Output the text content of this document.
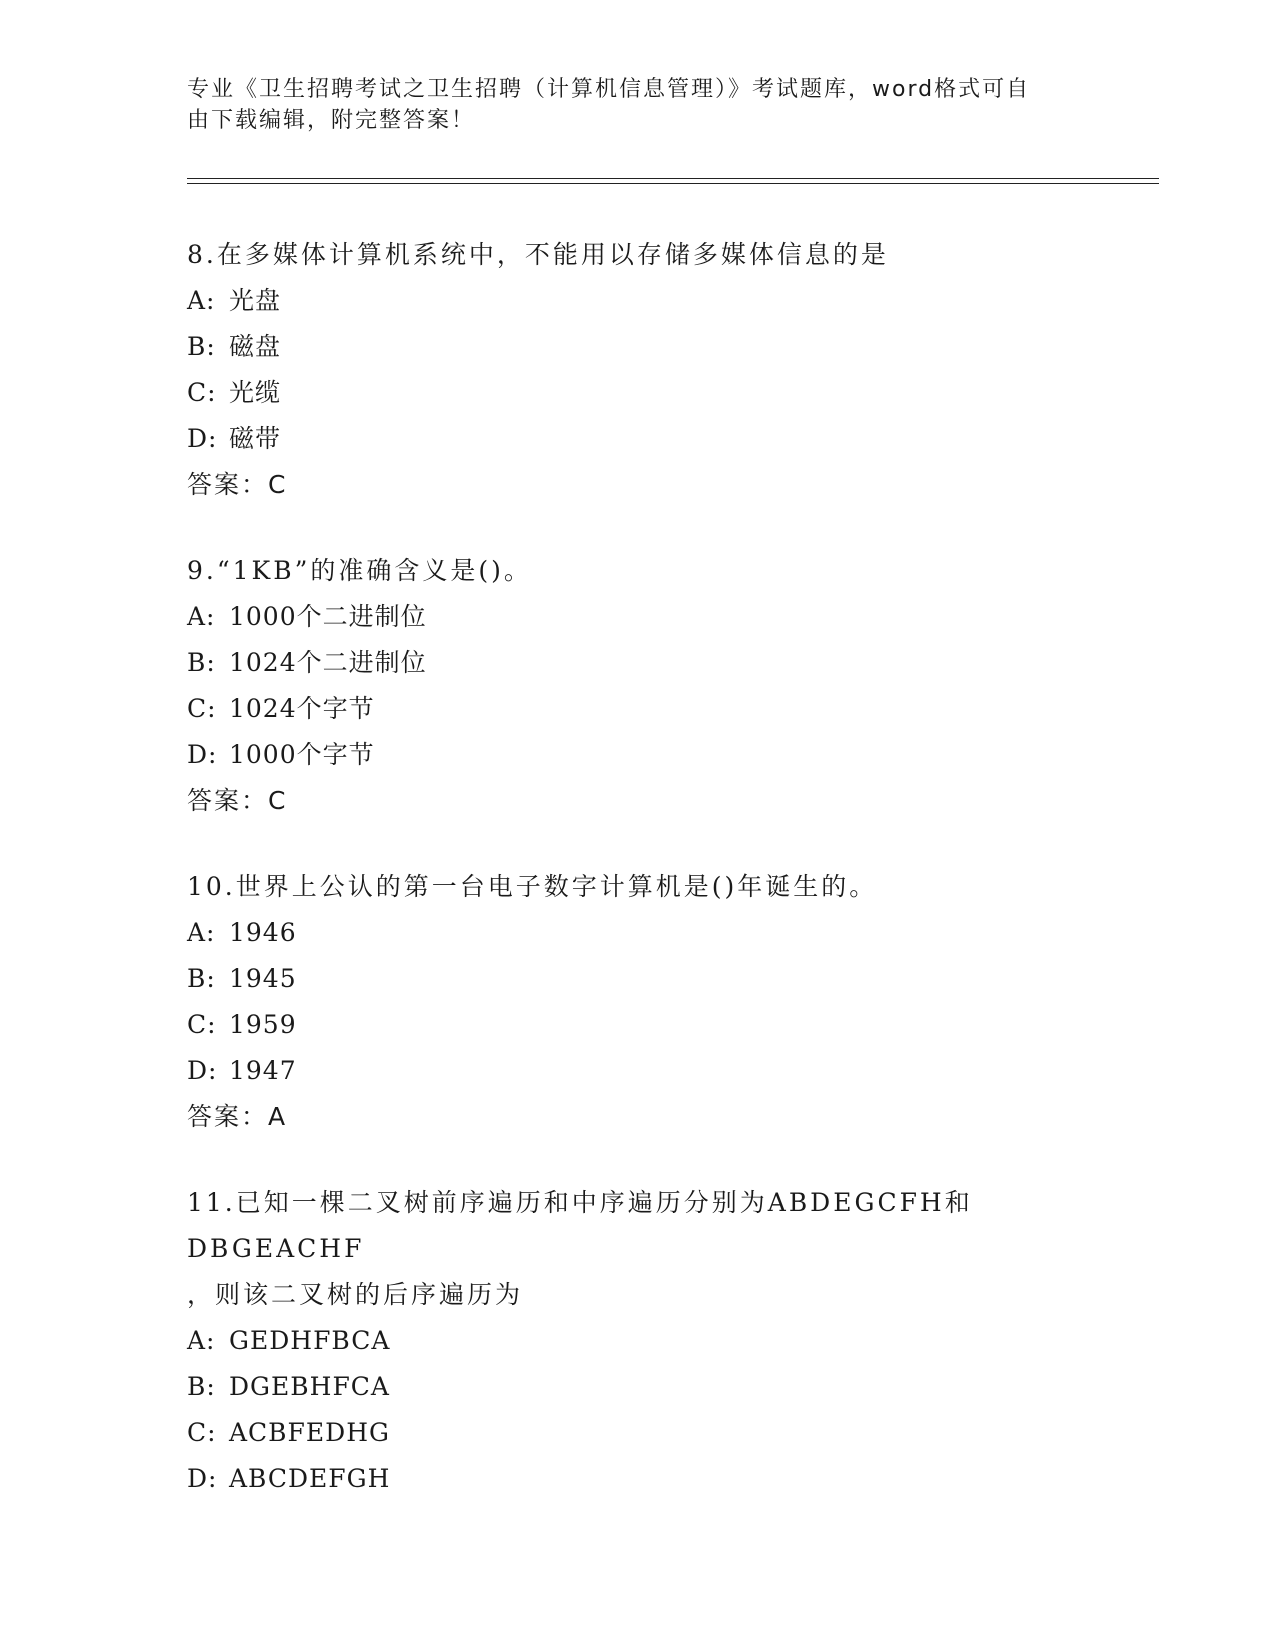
专业《卫生招聘考试之卫生招聘（计算机信息管理）》考试题库，word格式可自
由下载编辑，附完整答案！
8.在多媒体计算机系统中，不能用以存储多媒体信息的是
A: 光盘
B: 磁盘
C: 光缆
D: 磁带
答案：C
9.“1KB”的准确含义是()。
A: 1000个二进制位
B: 1024个二进制位
C: 1024个字节
D: 1000个字节
答案：C
10.世界上公认的第一台电子数字计算机是()年诞生的。
A: 1946
B: 1945
C: 1959
D: 1947
答案：A
11.已知一棵二叉树前序遍历和中序遍历分别为ABDEGCFH和DBGEACHF
，则该二叉树的后序遍历为
A: GEDHFBCA
B: DGEBHFCA
C: ACBFEDHG
D: ABCDEFGH
